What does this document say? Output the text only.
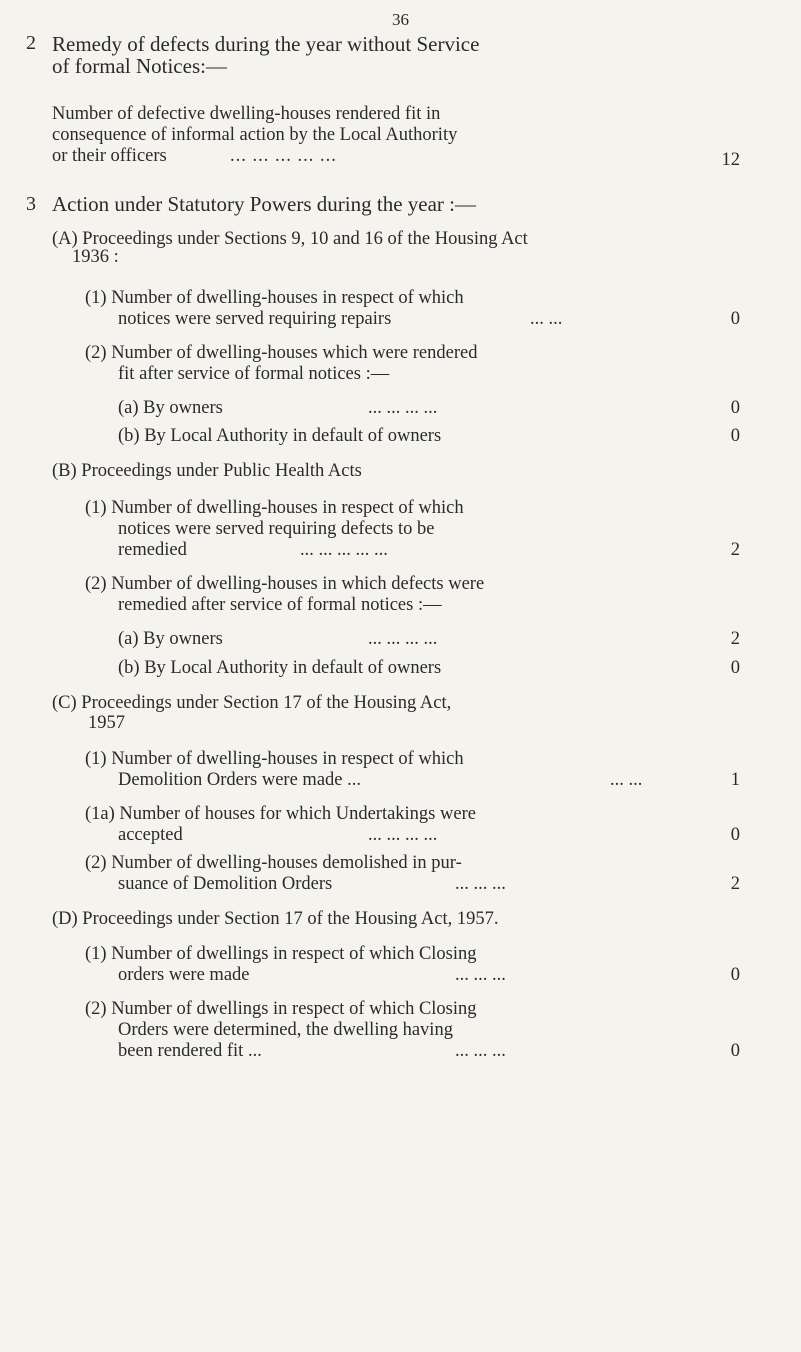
36
2 Remedy of defects during the year without Service
of formal Notices:—
Number of defective dwelling-houses rendered fit in
consequence of informal action by the Local Authority
or their officers	... ... ... ... ...	12
3 Action under Statutory Powers during the year :—
(A) Proceedings under Sections 9, 10 and 16 of the Housing Act
1936 :
(1) Number of dwelling-houses in respect of which
notices were served requiring repairs	... ...	0
(2) Number of dwelling-houses which were rendered
fit after service of formal notices :—
(a) By owners	... ... ... ...	0
(b) By Local Authority in default of owners	0
(B) Proceedings under Public Health Acts
(1) Number of dwelling-houses in respect of which
notices were served requiring defects to be
remedied	... ... ... ... ...	2
(2) Number of dwelling-houses in which defects were
remedied after service of formal notices :—
(a) By owners	... ... ... ...	2
(b) By Local Authority in default of owners	0
(C) Proceedings under Section 17 of the Housing Act,
1957
(1) Number of dwelling-houses in respect of which
Demolition Orders were made ...	... ...	1
(1a) Number of houses for which Undertakings were
accepted	... ... ... ...	0
(2) Number of dwelling-houses demolished in pur-
suance of Demolition Orders	... ... ...	2
(D) Proceedings under Section 17 of the Housing Act, 1957.
(1) Number of dwellings in respect of which Closing
orders were made	... ... ...	0
(2) Number of dwellings in respect of which Closing
Orders were determined, the dwelling having
been rendered fit ...	... ... ...	0
